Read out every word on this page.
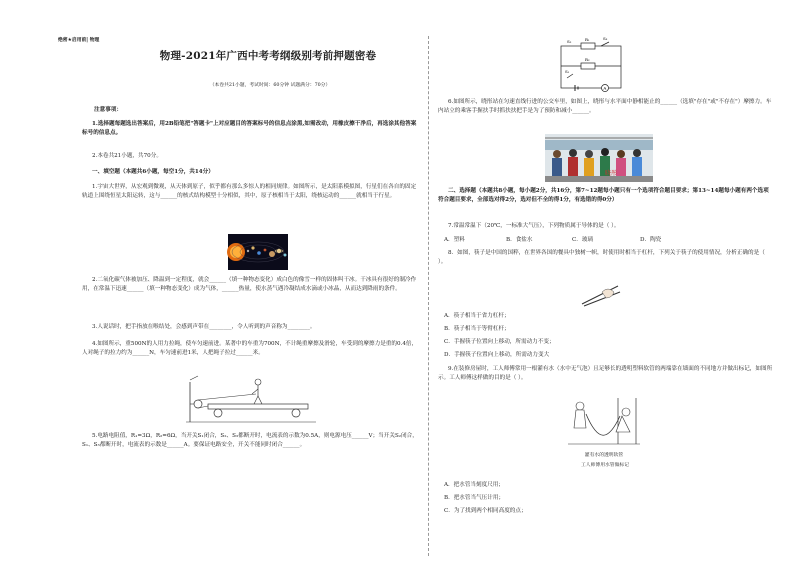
绝密★启用前| 物理
物理-2021年广西中考考纲级别考前押题密卷
（本卷共21小题，考试时间：60分钟 试题满分：70分）
注意事项：
1.选择题每题选出答案后，用2B铅笔把"答题卡"上对应题目的答案标号的信息点涂黑,如需改动，用橡皮擦干净后，再选涂其他答案标号的信息点。
2.本卷共21小题，共70分。
一、填空题（本题共6小题，每空1分，共14分）
1.宇宙大世界，从宏观到微观，从天体到原子，似乎都有那么多惊人的相同规律。如图所示，是太阳系模拟图，行星们在各自的固定轨道上围绕恒星太阳运转，这与______的核式结构模型十分相似，其中，原子核相当于太阳，绕核运动的______就相当于行星。
2.二氧化碳气体被加压、降温到一定程度，就会______（填一种物态变化）成白色的像雪一样的固体叫干冰。干冰具有很好的制冷作用，在常温下迅速______（填一种物态变化）成为气体，______热量，使水蒸气遇冷凝结成水滴或小冰晶，从而达到降雨的条件。
3.人说话时，把手指放在喉结处，会感到声带在________，令人听到的声音称为________。
4.如图所示，重500N的人用力拉绳，使车匀速前进。某著中的车重为700N，不计绳重摩擦及滑轮，车受到的摩擦力是重的0.4倍，人对绳子的拉力约为______N，车匀速前进1米，人把绳子拉过______米。
5.电路电阻值，R₁=3Ω，R₂=6Ω，当开关S₁闭合，S₂、S₃都断开时，电流表的示数为0.5A，则电源电压______V；当开关S₂闭合，S₁、S₃都断开时，电流表的示数是______A。要保证电路安全，开关不能同时闭合______。
S₂	R₁	S₃
R₂
S₁
A
6.如图所示，晓彤站在匀速直线行进的公交车里，如图上，晓彤与水平面中静相能止的______（选填"存在"或"不存在"）摩擦力。车内站立的乘客手握扶手时抓扶扶把手是为了预防和减小______。
晓彤
二、选择题（本题共8小题，每小题2分，共16分，第7~12题每小题只有一个选项符合题目要求；第13~14题每小题有两个选项符合题目要求，全部选对得2分，选对但不全的得1分，有选错的得0分）
7.常温常温下（20℃，一标准大气压），下列物质属于导体的是（ ）。
A．塑料	B．食盐水	C．玻璃	D．陶瓷
8．如图，筷子是中国的国粹，在世界各国的餐具中独树一帜，时使用时相当于杠杆，下列关于筷子的使用情况，分析正确的是（ ）。
A．筷子相当于省力杠杆；
B．筷子相当于等臂杠杆；
C．手握筷子位置向上移动，所需动力不变；
D．手握筷子位置向上移动，所需动力变大
9.在装修房屋时，工人师傅常用一根灌有水（水中无气泡）且足够长的透明塑料软管的两端靠在墙面的不同地方并做出标记，如图所示。工人师傅这样做的目的是（ ）。
灌有水的透明软管
工人师傅用水管做标记
A．把水管当刻度尺用；
B．把水管当气压计用；
C．为了找到两个相同高度的点；
